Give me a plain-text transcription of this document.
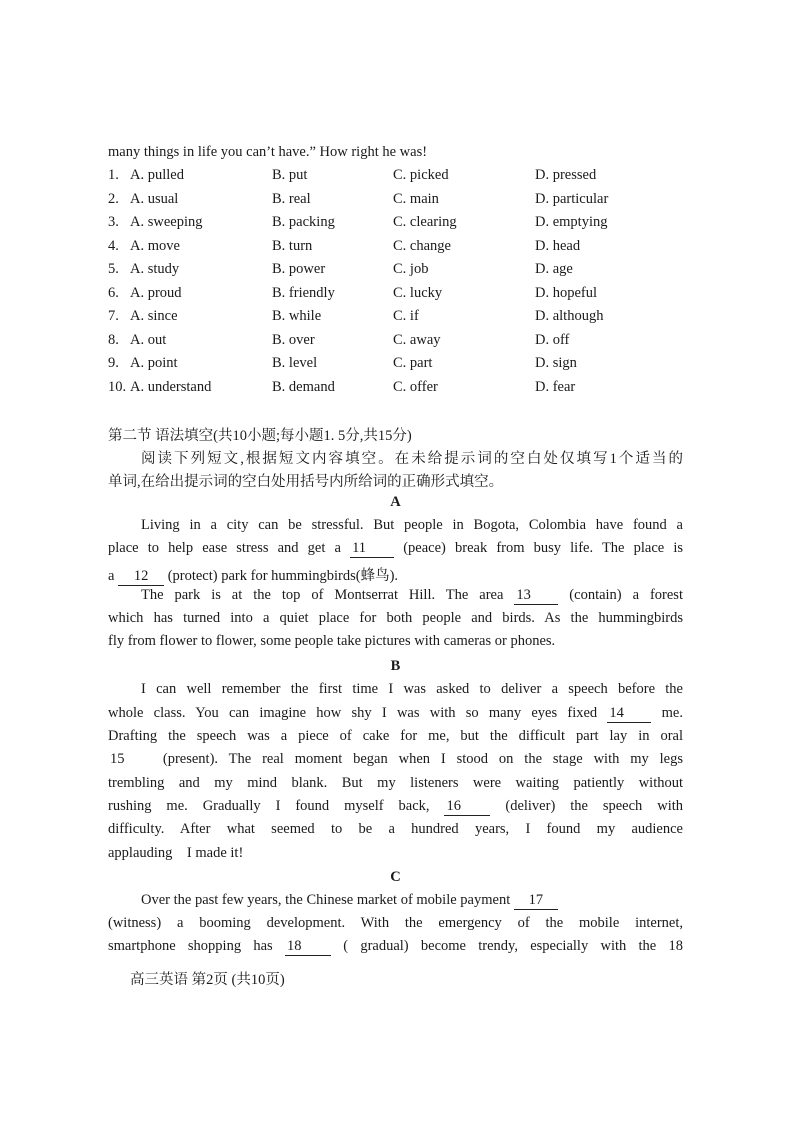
many things in life you can’t have.” How right he was!
1. A. pulled	B. put	C. picked	D. pressed
2. A. usual	B. real	C. main	D. particular
3. A. sweeping	B. packing	C. clearing	D. emptying
4. A. move	B. turn	C. change	D. head
5. A. study	B. power	C. job	D. age
6. A. proud	B. friendly	C. lucky	D. hopeful
7. A. since	B. while	C. if	D. although
8. A. out	B. over	C. away	D. off
9. A. point	B. level	C. part	D. sign
10. A. understand	B. demand	C. offer	D. fear
第二节 语法填空(共10小题;每小题1. 5分,共15分)
阅读下列短文,根据短文内容填空。在未给提示词的空白处仅填写1个适当的
单词,在给出提示词的空白处用括号内所给词的正确形式填空。
A
Living in a city can be stressful. But people in Bogota, Colombia have found a
place to help ease stress and get a 11 (peace) break from busy life. The place is
a 12 (protect) park for hummingbirds(蜂鸟).
The park is at the top of Montserrat Hill. The area 13 (contain) a forest
which has turned into a quiet place for both people and birds. As the hummingbirds
fly from flower to flower, some people take pictures with cameras or phones.
B
I can well remember the first time I was asked to deliver a speech before the
whole class. You can imagine how shy I was with so many eyes fixed 14 me.
Drafting the speech was a piece of cake for me, but the difficult part lay in oral
15 (present). The real moment began when I stood on the stage with my legs
trembling and my mind blank. But my listeners were waiting patiently without
rushing me. Gradually I found myself back, 16 (deliver) the speech with
difficulty. After what seemed to be a hundred years, I found my audience
applauding    I made it!
C
Over the past few years, the Chinese market of mobile payment 17
(witness) a booming development. With the emergency of the mobile internet,
smartphone shopping has 18 ( gradual) become trendy, especially with the 18
高三英语 第2页 (共10页)
